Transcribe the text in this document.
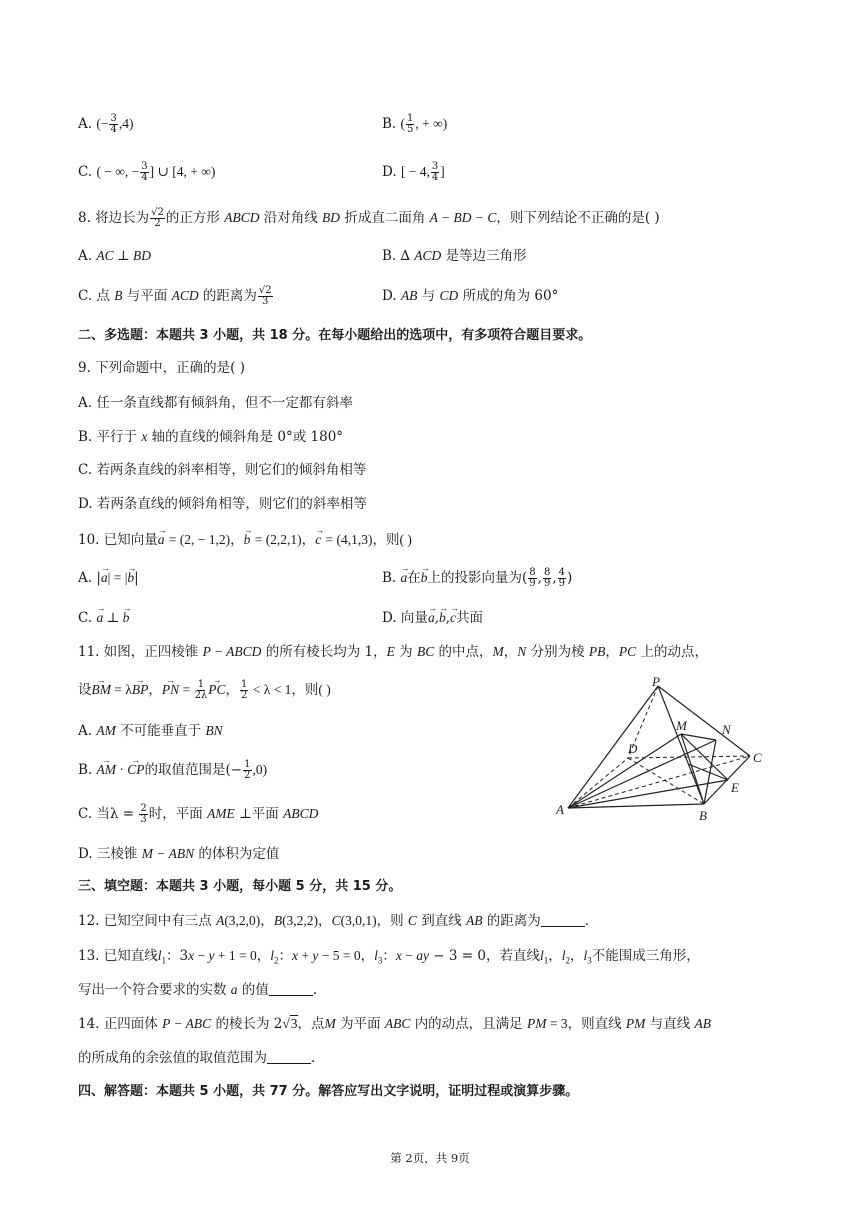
A. (− $\frac{3}{4} ,4$)	B. ( $\frac{1}{5}$ , + ∞)
C. ( − ∞, − $\frac{3}{4}$ ] ∪ [4, + ∞)	D. [ − 4, $\frac{3}{4}$ ]
8. 将边长为 $\frac{√2}{2}$ 的正方形 ABCD 沿对角线 BD 折成直二面角 A − BD − C，则下列结论不正确的是( )
A. AC ⊥ BD	B. ∆ ACD 是等边三角形
C. 点 B 与平面 ACD 的距离为 $\frac{√2}{3}$	D. AB 与 CD 所成的角为 60°
二、多选题：本题共 3 小题，共 18 分。在每小题给出的选项中，有多项符合题目要求。
9. 下列命题中，正确的是( )
A. 任一条直线都有倾斜角，但不一定都有斜率
B. 平行于 x 轴的直线的倾斜角是 0°或 180°
C. 若两条直线的斜率相等，则它们的倾斜角相等
D. 若两条直线的倾斜角相等，则它们的斜率相等
10. 已知向量→ a = (2, − 1,2)，→ b = (2,2,1)，→ c = (4,1,3)，则( )
A. |→ a| = |→ b|	B. → a在→ b上的投影向量为( $\frac{8}{9}$ , $\frac{8}{9}$ , $\frac{4}{9}$ )
C. → a ⊥ → b	D. 向量→ a,→ b,→ c共面
11. 如图，正四棱锥 P − ABCD 的所有棱长均为 1，E 为 BC 的中点，M，N 分别为棱 PB，PC 上的动点，
设→ BM = λ→ BP，→ PN = $\frac{1}{2\lambda}$ → PC， $\frac{1}{2} < \lambda < 1$，则( )
A. AM 不可能垂直于 BN
B. → AM · → CP的取值范围是(− $\frac{1}{2} ,0$)
C. 当$\lambda = \frac{2}{3}$ 时，平面 AME ⊥平面 ABCD
D. 三棱锥 M − ABN 的体积为定值
P
M	N
D
C
E
A	B
三、填空题：本题共 3 小题，每小题 5 分，共 15 分。
12. 已知空间中有三点 A(3,2,0)，B(3,2,2)，C(3,0,1)，则 C 到直线 AB 的距离为	.
13. 已知直线$l_1$：3x − y + 1 = 0，$l_2$：x + y − 5 = 0，$l_3$：x − ay − 3 = 0，若直线$l_1$，$l_2$，$l_3$不能围成三角形，
写出一个符合要求的实数 a 的值	.
14. 正四面体 P − ABC 的棱长为 2√3，点M 为平面 ABC 内的动点，且满足 PM = 3，则直线 PM 与直线 AB
的所成角的余弦值的取值范围为	.
四、解答题：本题共 5 小题，共 77 分。解答应写出文字说明，证明过程或演算步骤。
第 2页，共 9页
